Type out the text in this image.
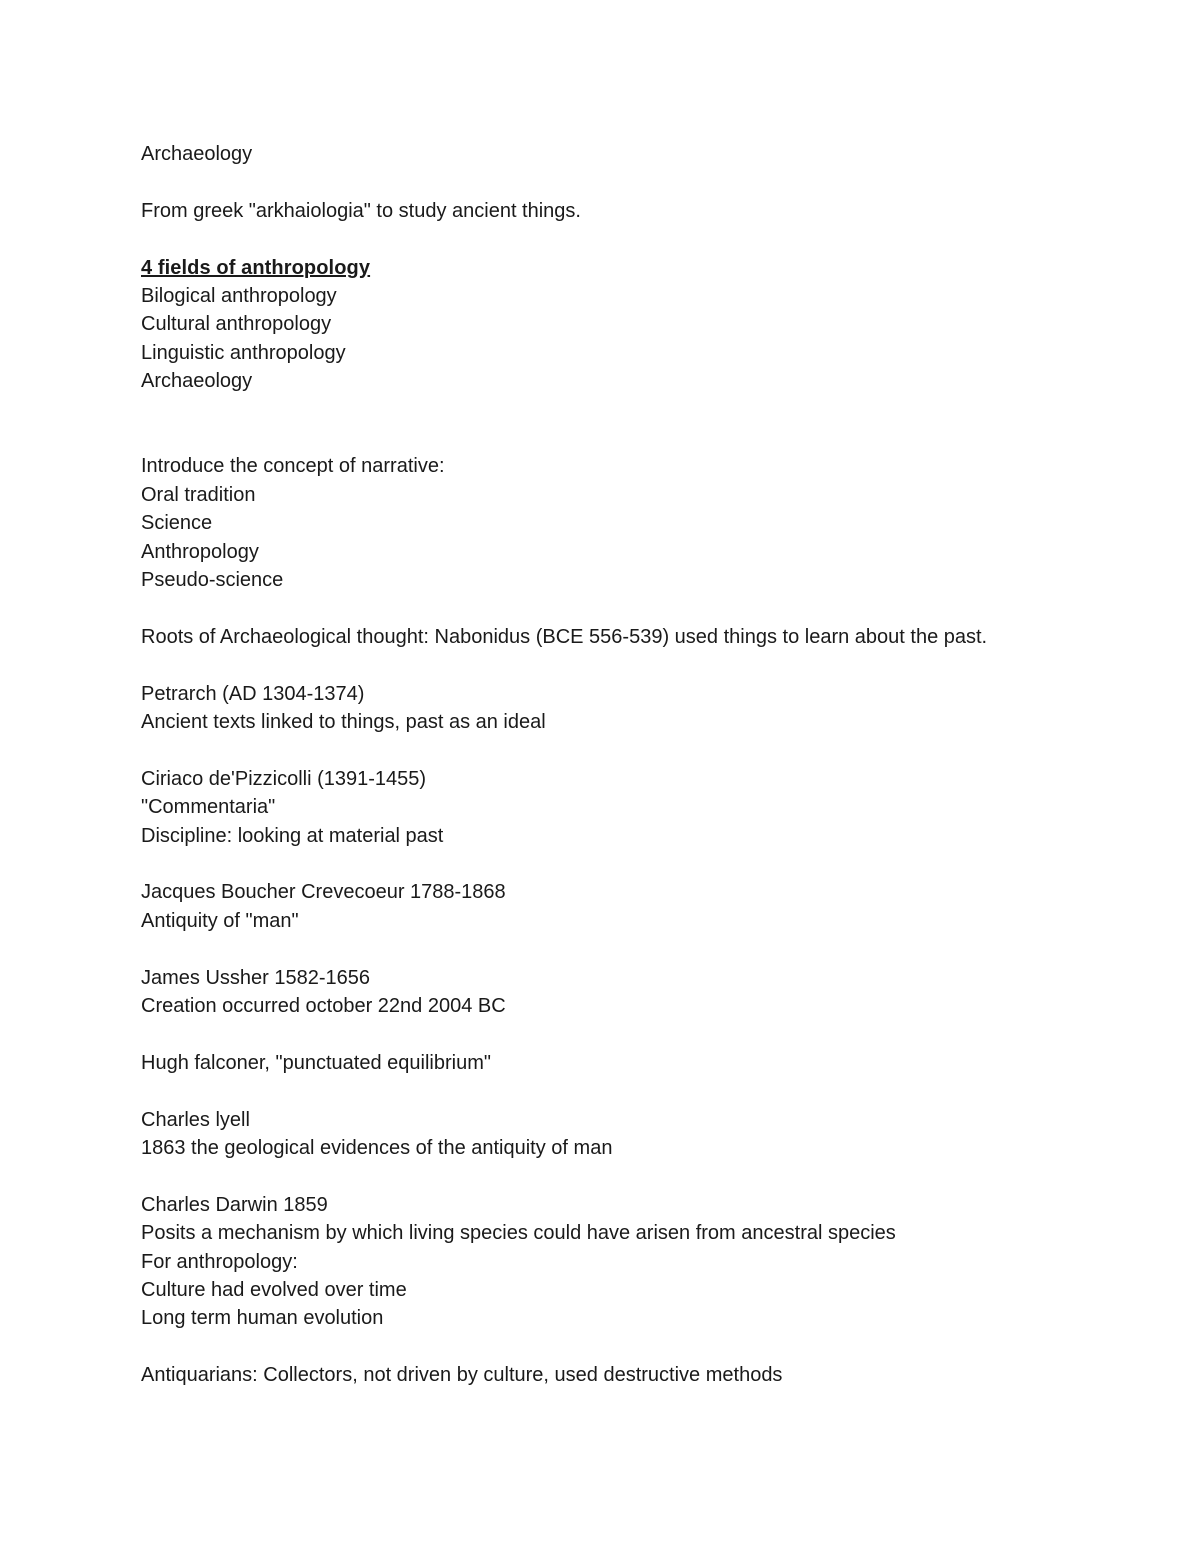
Archaeology
From greek "arkhaiologia" to study ancient things.
4 fields of anthropology
Bilogical anthropology
Cultural anthropology
Linguistic anthropology
Archaeology
Introduce the concept of narrative:
Oral tradition
Science
Anthropology
Pseudo-science
Roots of Archaeological thought: Nabonidus (BCE 556-539) used things to learn about the past.
Petrarch (AD 1304-1374)
Ancient texts linked to things, past as an ideal
Ciriaco de'Pizzicolli (1391-1455)
"Commentaria"
Discipline: looking at material past
Jacques Boucher Crevecoeur 1788-1868
Antiquity of "man"
James Ussher 1582-1656
Creation occurred october 22nd 2004 BC
Hugh falconer, "punctuated equilibrium"
Charles lyell
1863 the geological evidences of the antiquity of man
Charles Darwin 1859
Posits a mechanism by which living species could have arisen from ancestral species
For anthropology:
Culture had evolved over time
Long term human evolution
Antiquarians: Collectors, not driven by culture, used destructive methods
